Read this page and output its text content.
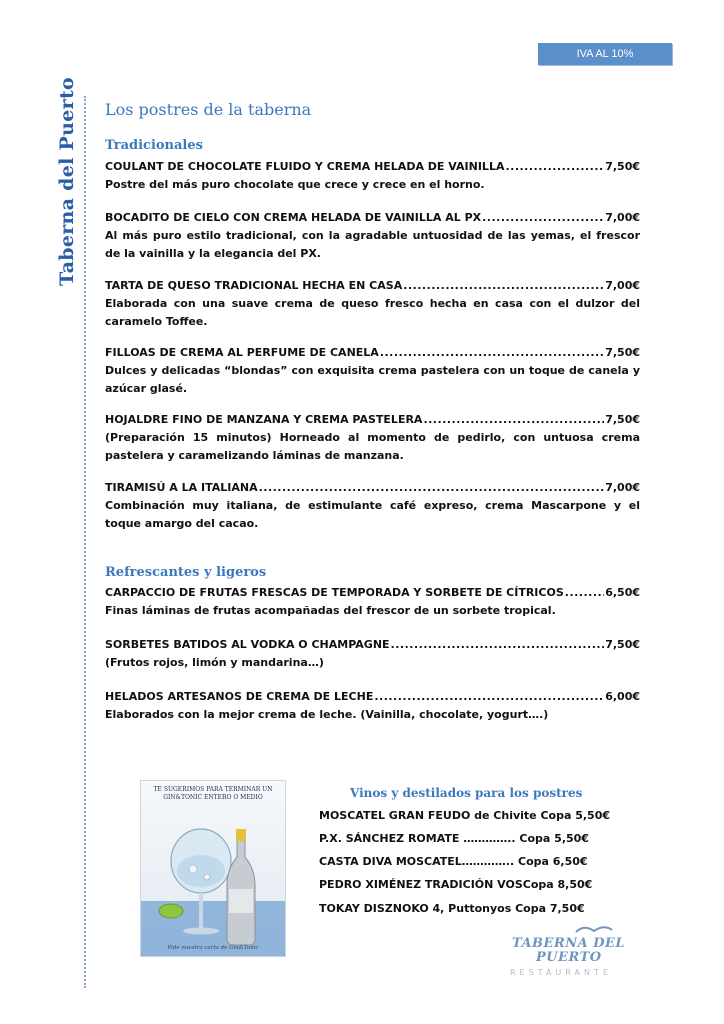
IVA AL 10%
Taberna del Puerto Los postres de la taberna
Tradicionales
COULANT DE CHOCOLATE FLUIDO Y CREMA HELADA DE VAINILLA .....	7,50€
Postre del más puro chocolate que crece y crece en el horno.
BOCADITO DE CIELO CON CREMA HELADA DE VAINILLA AL PX .....	7,00€
Al más puro estilo tradicional, con la agradable untuosidad de las yemas, el frescor de la vainilla y la elegancia del PX.
TARTA DE QUESO TRADICIONAL HECHA EN CASA .....	7,00€
Elaborada con una suave crema de queso fresco hecha en casa con el dulzor del caramelo Toffee.
FILLOAS DE CREMA AL PERFUME DE CANELA .....	7,50€
Dulces y delicadas “blondas” con exquisita crema pastelera con un toque de canela y azúcar glasé.
HOJALDRE FINO DE MANZANA Y CREMA PASTELERA .....	7,50€
(Preparación 15 minutos) Horneado al momento de pedirlo, con untuosa crema pastelera y caramelizando láminas de manzana.
TIRAMISÚ A LA ITALIANA .....	7,00€
Combinación muy italiana, de estimulante café expreso, crema Mascarpone y el toque amargo del cacao.
Refrescantes y ligeros
CARPACCIO DE FRUTAS FRESCAS DE TEMPORADA Y SORBETE DE CÍTRICOS .....	6,50€
Finas láminas de frutas acompañadas del frescor de un sorbete tropical.
SORBETES BATIDOS AL VODKA O CHAMPAGNE .....	7,50€
(Frutos rojos, limón y mandarina…)
HELADOS ARTESANOS DE CREMA DE LECHE .....	6,00€
Elaborados con la mejor crema de leche. (Vainilla, chocolate, yogurt….)
TE SUGERIMOS PARA TERMINAR UN GIN&TONIC ENTERO O MEDIO
Pide nuestra carta de Gin&Tonic
Vinos y destilados para los postres
MOSCATEL GRAN FEUDO de Chivite Copa 5,50€
P.X. SÁNCHEZ ROMATE ………….. Copa 5,50€
CASTA DIVA MOSCATEL………….. Copa 6,50€
PEDRO XIMÉNEZ TRADICIÓN VOSCopa 8,50€
TOKAY DISZNOKO 4, Puttonyos Copa 7,50€
TABERNA DEL
PUERTO
RESTAURANTE
